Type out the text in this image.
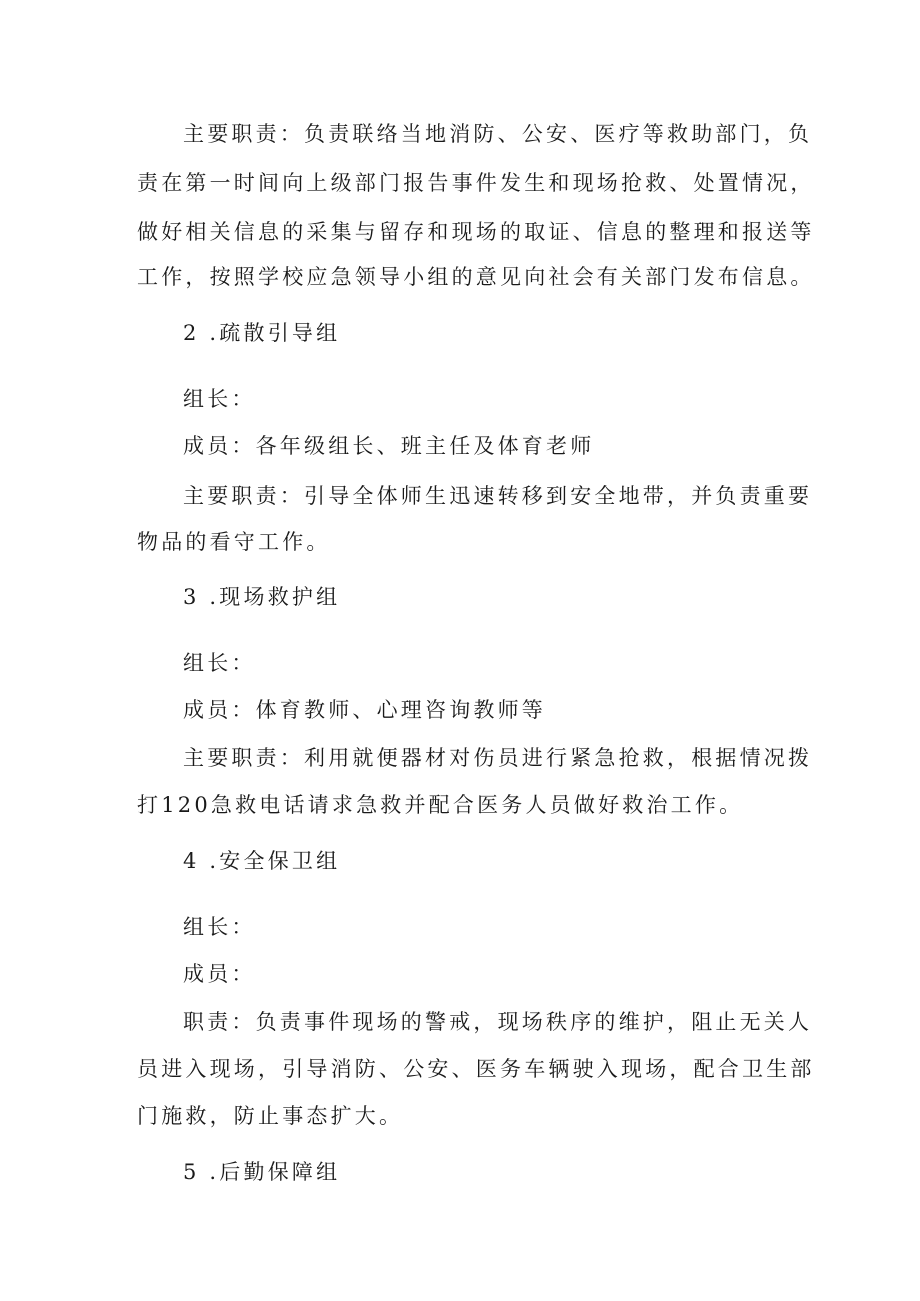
主要职责：负责联络当地消防、公安、医疗等救助部门，负
责在第一时间向上级部门报告事件发生和现场抢救、处置情况，
做好相关信息的采集与留存和现场的取证、信息的整理和报送等
工作，按照学校应急领导小组的意见向社会有关部门发布信息。
2 .疏散引导组
组长：
成员：各年级组长、班主任及体育老师
主要职责：引导全体师生迅速转移到安全地带，并负责重要
物品的看守工作。
3 .现场救护组
组长：
成员：体育教师、心理咨询教师等
主要职责：利用就便器材对伤员进行紧急抢救，根据情况拨
打120急救电话请求急救并配合医务人员做好救治工作。
4 .安全保卫组
组长：
成员：
职责：负责事件现场的警戒，现场秩序的维护，阻止无关人
员进入现场，引导消防、公安、医务车辆驶入现场，配合卫生部
门施救，防止事态扩大。
5 .后勤保障组
